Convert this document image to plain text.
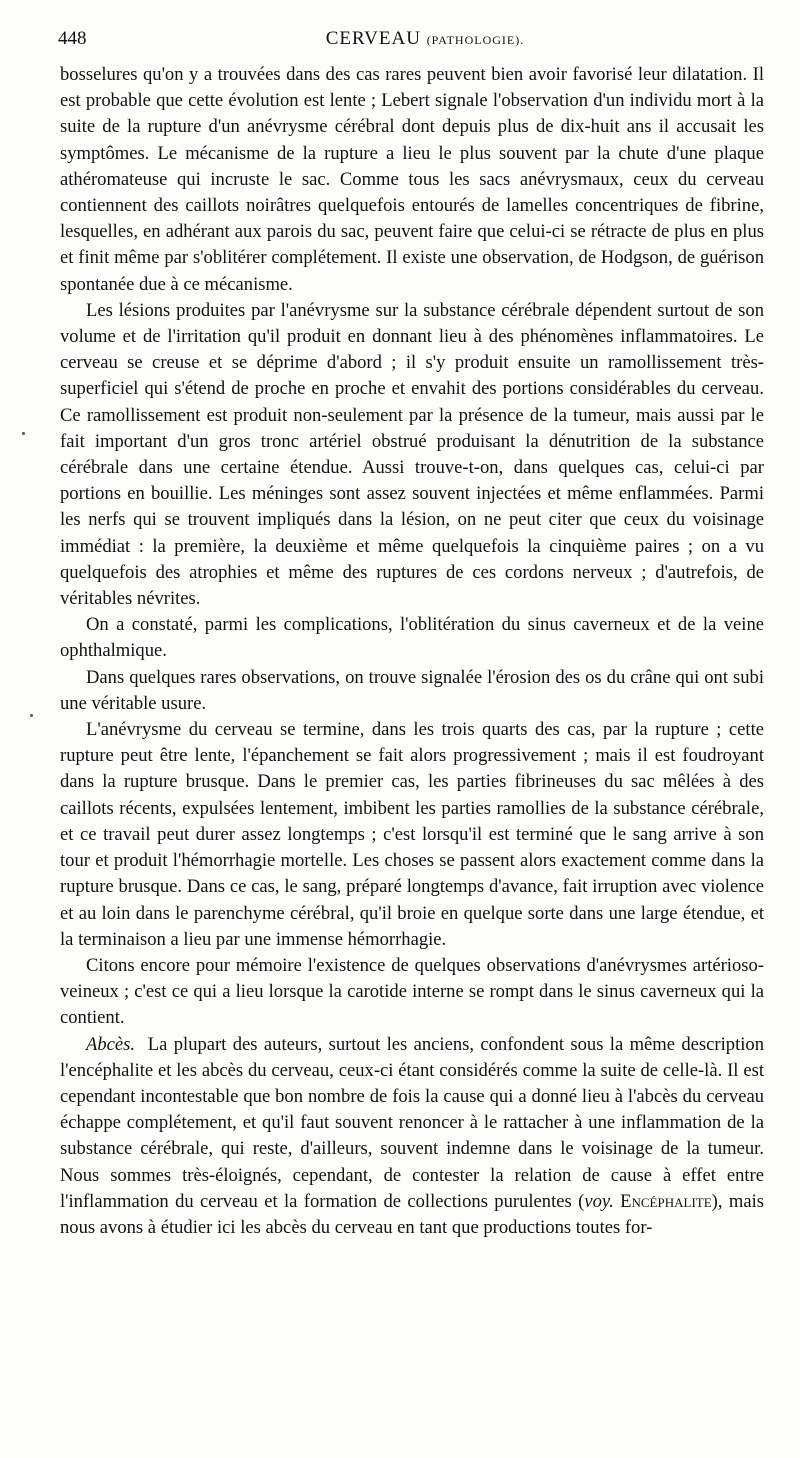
448	CERVEAU (PATHOLOGIE).

bosselures qu'on y a trouvées dans des cas rares peuvent bien avoir favorisé leur dilatation. Il est probable que cette évolution est lente ; Lebert signale l'observation d'un individu mort à la suite de la rupture d'un anévrysme cérébral dont depuis plus de dix-huit ans il accusait les symptômes. Le mécanisme de la rupture a lieu le plus souvent par la chute d'une plaque athéromateuse qui incruste le sac. Comme tous les sacs anévrysmaux, ceux du cerveau contiennent des caillots noirâtres quelquefois entourés de lamelles concentriques de fibrine, lesquelles, en adhérant aux parois du sac, peuvent faire que celui-ci se rétracte de plus en plus et finit même par s'oblitérer complétement. Il existe une observation, de Hodgson, de guérison spontanée due à ce mécanisme.

Les lésions produites par l'anévrysme sur la substance cérébrale dépendent surtout de son volume et de l'irritation qu'il produit en donnant lieu à des phénomènes inflammatoires. Le cerveau se creuse et se déprime d'abord ; il s'y produit ensuite un ramollissement très-superficiel qui s'étend de proche en proche et envahit des portions considérables du cerveau. Ce ramollissement est produit non-seulement par la présence de la tumeur, mais aussi par le fait important d'un gros tronc artériel obstrué produisant la dénutrition de la substance cérébrale dans une certaine étendue. Aussi trouve-t-on, dans quelques cas, celui-ci par portions en bouillie. Les méninges sont assez souvent injectées et même enflammées. Parmi les nerfs qui se trouvent impliqués dans la lésion, on ne peut citer que ceux du voisinage immédiat : la première, la deuxième et même quelquefois la cinquième paires ; on a vu quelquefois des atrophies et même des ruptures de ces cordons nerveux ; d'autrefois, de véritables névrites.

On a constaté, parmi les complications, l'oblitération du sinus caverneux et de la veine ophthalmique.

Dans quelques rares observations, on trouve signalée l'érosion des os du crâne qui ont subi une véritable usure.

L'anévrysme du cerveau se termine, dans les trois quarts des cas, par la rupture ; cette rupture peut être lente, l'épanchement se fait alors progressivement ; mais il est foudroyant dans la rupture brusque. Dans le premier cas, les parties fibrineuses du sac mêlées à des caillots récents, expulsées lentement, imbibent les parties ramollies de la substance cérébrale, et ce travail peut durer assez longtemps ; c'est lorsqu'il est terminé que le sang arrive à son tour et produit l'hémorrhagie mortelle. Les choses se passent alors exactement comme dans la rupture brusque. Dans ce cas, le sang, préparé longtemps d'avance, fait irruption avec violence et au loin dans le parenchyme cérébral, qu'il broie en quelque sorte dans une large étendue, et la terminaison a lieu par une immense hémorrhagie.

Citons encore pour mémoire l'existence de quelques observations d'anévrysmes artérioso-veineux ; c'est ce qui a lieu lorsque la carotide interne se rompt dans le sinus caverneux qui la contient.

Abcès. La plupart des auteurs, surtout les anciens, confondent sous la même description l'encéphalite et les abcès du cerveau, ceux-ci étant considérés comme la suite de celle-là. Il est cependant incontestable que bon nombre de fois la cause qui a donné lieu à l'abcès du cerveau échappe complétement, et qu'il faut souvent renoncer à le rattacher à une inflammation de la substance cérébrale, qui reste, d'ailleurs, souvent indemne dans le voisinage de la tumeur. Nous sommes très-éloignés, cependant, de contester la relation de cause à effet entre l'inflammation du cerveau et la formation de collections purulentes (voy. Encéphalite), mais nous avons à étudier ici les abcès du cerveau en tant que productions toutes for-
